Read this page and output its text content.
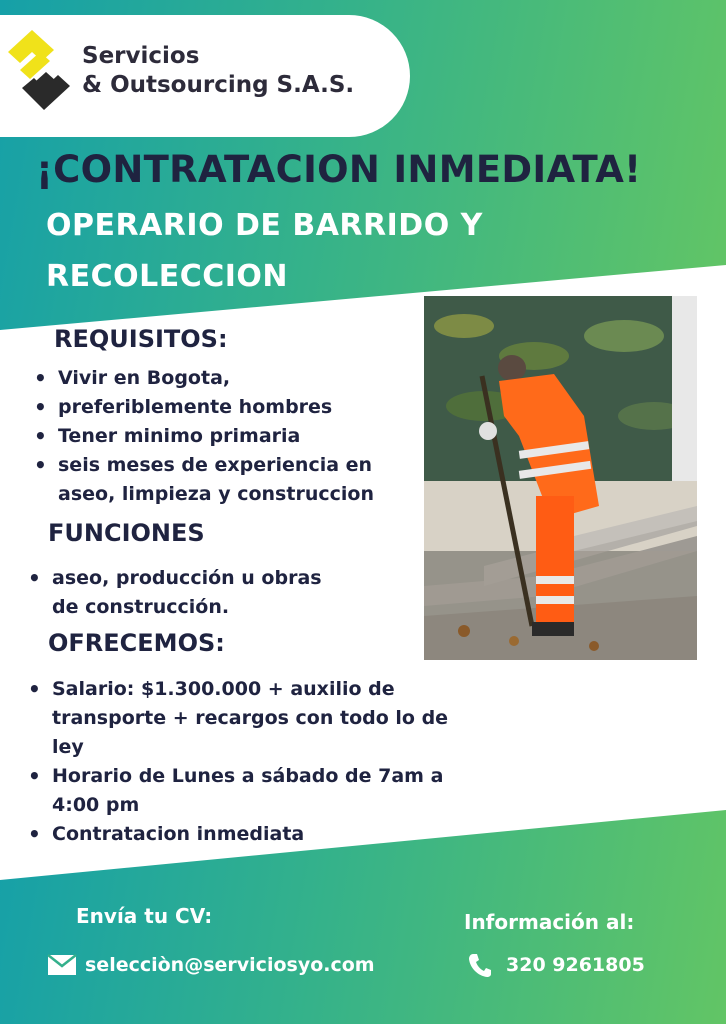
Servicios
& Outsourcing S.A.S.
¡CONTRATACION INMEDIATA!
OPERARIO DE BARRIDO Y
RECOLECCION
REQUISITOS:
• Vivir en Bogota,
• preferiblemente hombres
• Tener minimo primaria
• seis meses de experiencia en aseo, limpieza y construccion
FUNCIONES
• aseo, producción u obras de construcción.
OFRECEMOS:
• Salario: $1.300.000 + auxilio de transporte + recargos con todo lo de ley
• Horario de Lunes a sábado de 7am a 4:00 pm
• Contratacion inmediata
Envía tu CV:
selecciòn@serviciosyo.com
Información al:
320 9261805
